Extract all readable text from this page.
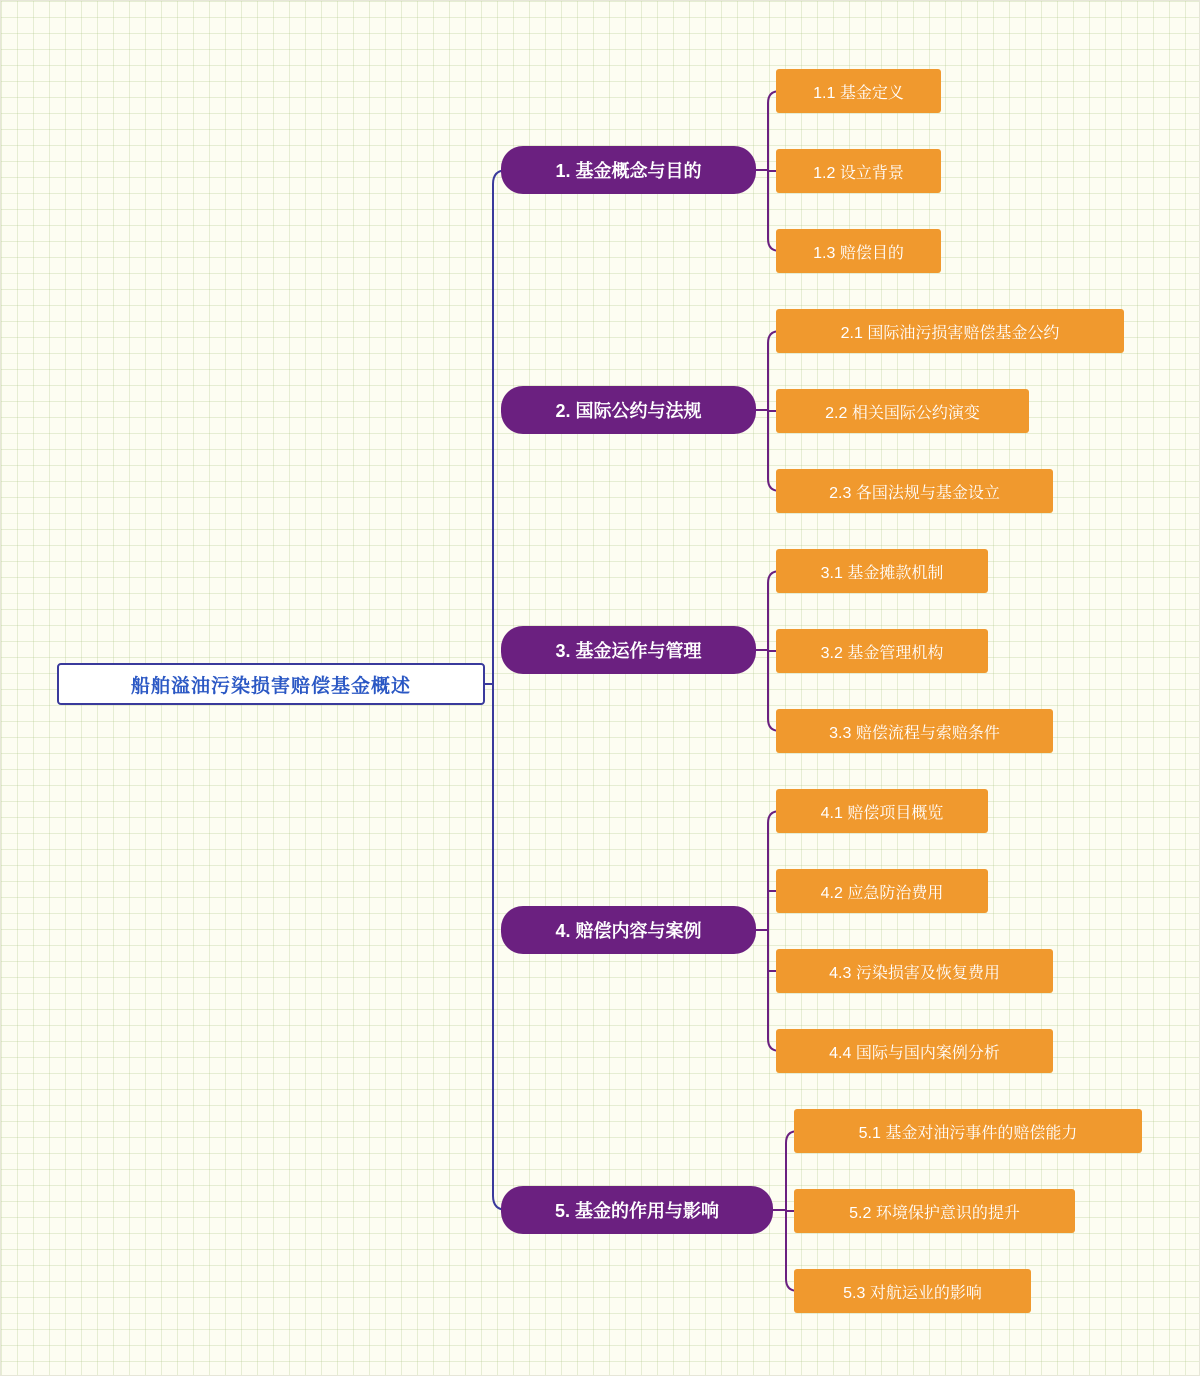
船舶溢油污染损害赔偿基金概述
1. 基金概念与目的
1.1 基金定义
1.2 设立背景
1.3 赔偿目的
2. 国际公约与法规
2.1 国际油污损害赔偿基金公约
2.2 相关国际公约演变
2.3 各国法规与基金设立
3. 基金运作与管理
3.1 基金摊款机制
3.2 基金管理机构
3.3 赔偿流程与索赔条件
4. 赔偿内容与案例
4.1 赔偿项目概览
4.2 应急防治费用
4.3 污染损害及恢复费用
4.4 国际与国内案例分析
5. 基金的作用与影响
5.1 基金对油污事件的赔偿能力
5.2 环境保护意识的提升
5.3 对航运业的影响
